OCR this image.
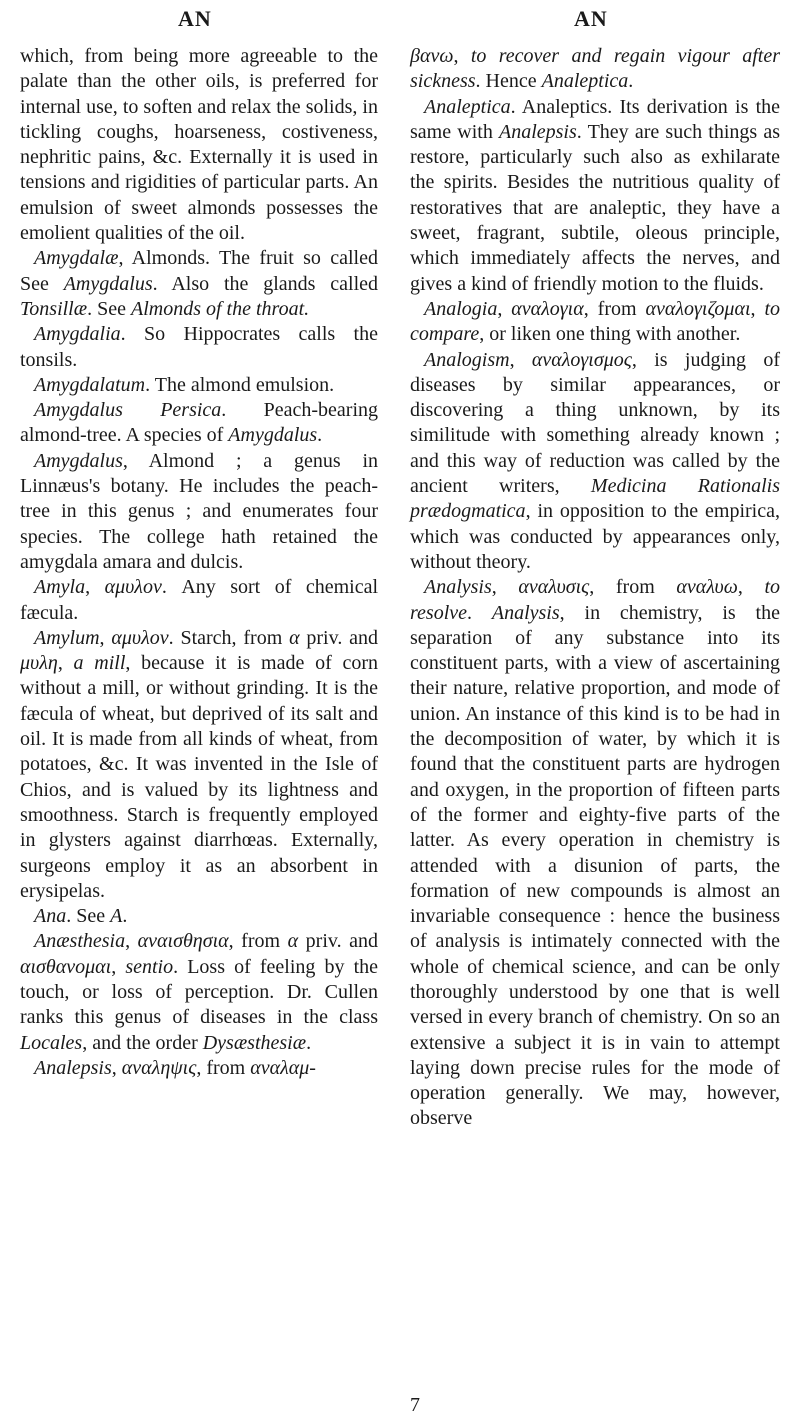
AN	AN

which, from being more agreeable to the palate than the other oils, is preferred for internal use, to soften and relax the solids, in tickling coughs, hoarseness, costiveness, nephritic pains, &c. Externally it is used in tensions and rigidities of particular parts. An emulsion of sweet almonds possesses the emolient qualities of the oil.

Amygdalæ, Almonds. The fruit so called See Amygdalus. Also the glands called Tonsillæ. See Almonds of the throat.

Amygdalia. So Hippocrates calls the tonsils.

Amygdalatum. The almond emulsion.

Amygdalus Persica. Peach-bearing almond-tree. A species of Amygdalus.

Amygdalus, Almond ; a genus in Linnæus's botany. He includes the peach-tree in this genus ; and enumerates four species. The college hath retained the amygdala amara and dulcis.

Amyla, αμυλον. Any sort of chemical fæcula.

Amylum, αμυλον. Starch, from α priv. and μυλη, a mill, because it is made of corn without a mill, or without grinding. It is the fæcula of wheat, but deprived of its salt and oil. It is made from all kinds of wheat, from potatoes, &c. It was invented in the Isle of Chios, and is valued by its lightness and smoothness. Starch is frequently employed in glysters against diarrhœas. Externally, surgeons employ it as an absorbent in erysipelas.

Ana. See A.

Anæsthesia, αναισθησια, from α priv. and αισθανομαι, sentio. Loss of feeling by the touch, or loss of perception. Dr. Cullen ranks this genus of diseases in the class Locales, and the order Dysæsthesiæ.

Analepsis, αναληψις, from αναλαμ-

βανω, to recover and regain vigour after sickness. Hence Analeptica.

Analeptica. Analeptics. Its derivation is the same with Analepsis. They are such things as restore, particularly such also as exhilarate the spirits. Besides the nutritious quality of restoratives that are analeptic, they have a sweet, fragrant, subtile, oleous principle, which immediately affects the nerves, and gives a kind of friendly motion to the fluids.

Analogia, αναλογια, from αναλογιζομαι, to compare, or liken one thing with another.

Analogism, αναλογισμος, is judging of diseases by similar appearances, or discovering a thing unknown, by its similitude with something already known ; and this way of reduction was called by the ancient writers, Medicina Rationalis prædogmatica, in opposition to the empirica, which was conducted by appearances only, without theory.

Analysis, αναλυσις, from αναλυω, to resolve. Analysis, in chemistry, is the separation of any substance into its constituent parts, with a view of ascertaining their nature, relative proportion, and mode of union. An instance of this kind is to be had in the decomposition of water, by which it is found that the constituent parts are hydrogen and oxygen, in the proportion of fifteen parts of the former and eighty-five parts of the latter. As every operation in chemistry is attended with a disunion of parts, the formation of new compounds is almost an invariable consequence : hence the business of analysis is intimately connected with the whole of chemical science, and can be only thoroughly understood by one that is well versed in every branch of chemistry. On so an extensive a subject it is in vain to attempt laying down precise rules for the mode of operation generally. We may, however, observe

7
